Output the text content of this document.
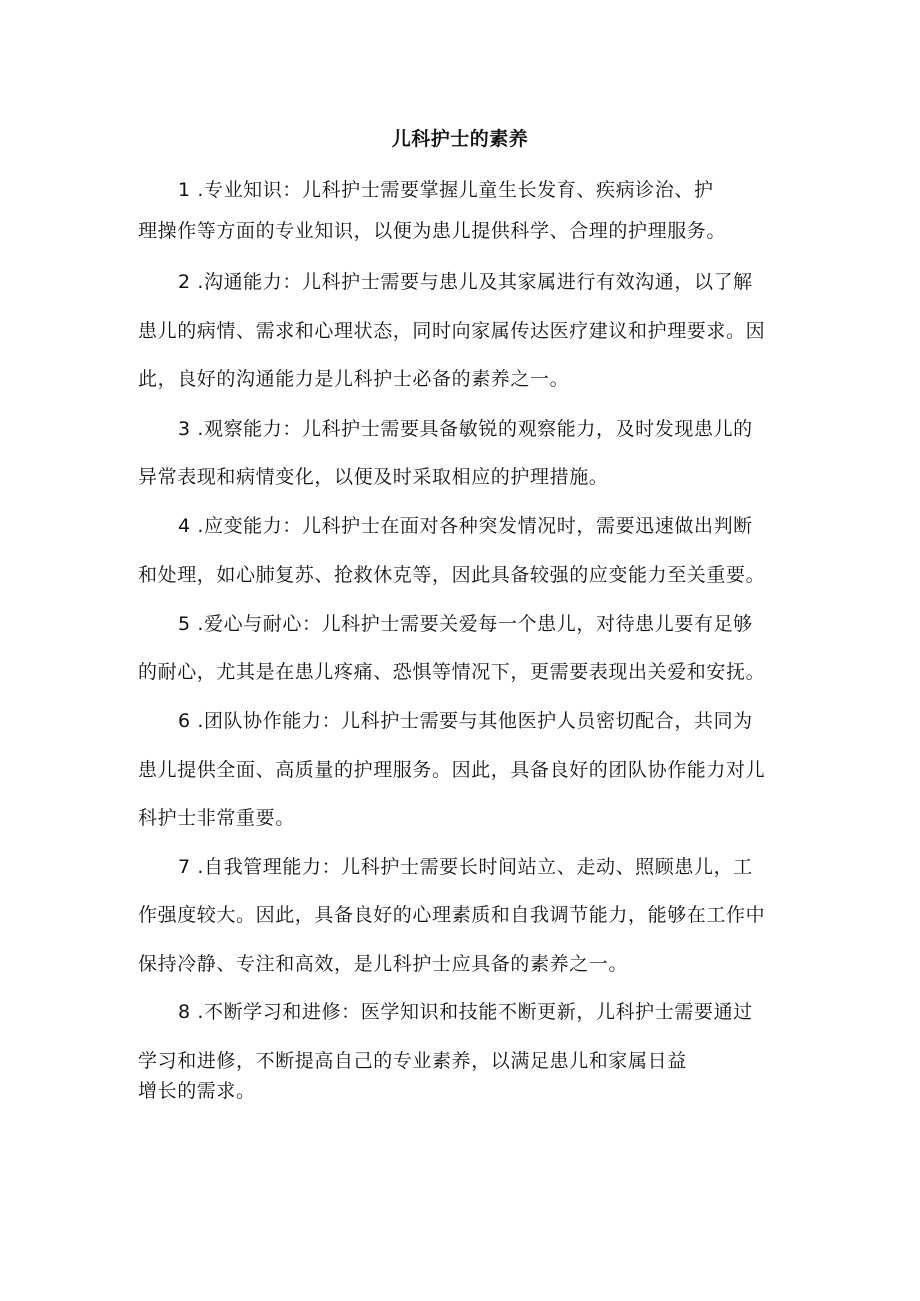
儿科护士的素养
1 .专业知识：儿科护士需要掌握儿童生长发育、疾病诊治、护
理操作等方面的专业知识，以便为患儿提供科学、合理的护理服务。
2 .沟通能力：儿科护士需要与患儿及其家属进行有效沟通，以了解
患儿的病情、需求和心理状态，同时向家属传达医疗建议和护理要求。因
此，良好的沟通能力是儿科护士必备的素养之一。
3 .观察能力：儿科护士需要具备敏锐的观察能力，及时发现患儿的
异常表现和病情变化，以便及时采取相应的护理措施。
4 .应变能力：儿科护士在面对各种突发情况时，需要迅速做出判断
和处理，如心肺复苏、抢救休克等，因此具备较强的应变能力至关重要。
5 .爱心与耐心：儿科护士需要关爱每一个患儿，对待患儿要有足够
的耐心，尤其是在患儿疼痛、恐惧等情况下，更需要表现出关爱和安抚。
6 .团队协作能力：儿科护士需要与其他医护人员密切配合，共同为
患儿提供全面、高质量的护理服务。因此，具备良好的团队协作能力对儿
科护士非常重要。
7 .自我管理能力：儿科护士需要长时间站立、走动、照顾患儿，工
作强度较大。因此，具备良好的心理素质和自我调节能力，能够在工作中
保持冷静、专注和高效，是儿科护士应具备的素养之一。
8 .不断学习和进修：医学知识和技能不断更新，儿科护士需要通过
学习和进修，不断提高自己的专业素养，以满足患儿和家属日益
增长的需求。
